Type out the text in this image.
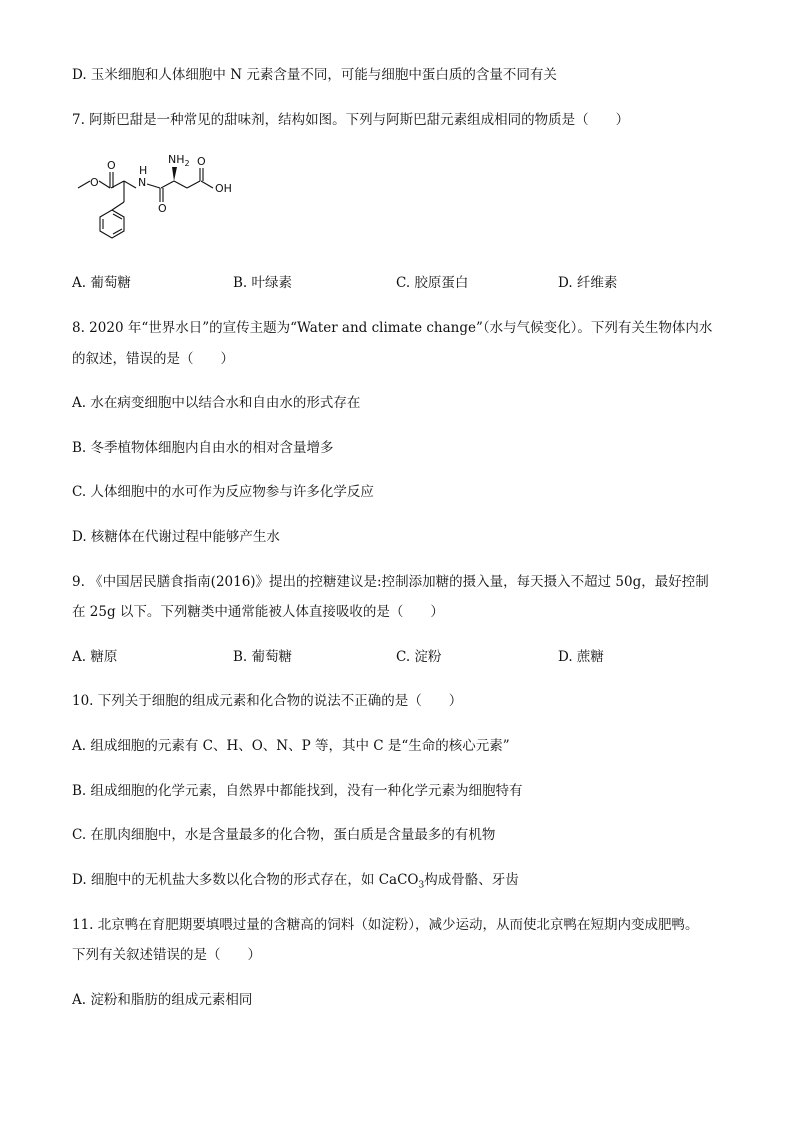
D. 玉米细胞和人体细胞中 N 元素含量不同，可能与细胞中蛋白质的含量不同有关
7. 阿斯巴甜是一种常见的甜味剂，结构如图。下列与阿斯巴甜元素组成相同的物质是（　　）
O
O
N
H
O
$NH_2$ O
OH
A. 葡萄糖	B. 叶绿素	C. 胶原蛋白	D. 纤维素
8. 2020 年“世界水日”的宣传主题为“Water and climate change”（水与气候变化）。下列有关生物体内水
的叙述，错误的是（　　）
A. 水在病变细胞中以结合水和自由水的形式存在
B. 冬季植物体细胞内自由水的相对含量增多
C. 人体细胞中的水可作为反应物参与许多化学反应
D. 核糖体在代谢过程中能够产生水
9. 《中国居民膳食指南(2016)》提出的控糖建议是:控制添加糖的摄入量，每天摄入不超过 50g，最好控制
在 25g 以下。下列糖类中通常能被人体直接吸收的是（　　）
A. 糖原	B. 葡萄糖	C. 淀粉	D. 蔗糖
10. 下列关于细胞的组成元素和化合物的说法不正确的是（　　）
A. 组成细胞的元素有 C、H、O、N、P 等，其中 C 是“生命的核心元素”
B. 组成细胞的化学元素，自然界中都能找到，没有一种化学元素为细胞特有
C. 在肌肉细胞中，水是含量最多的化合物，蛋白质是含量最多的有机物
D. 细胞中的无机盐大多数以化合物的形式存在，如 CaCO$_3$构成骨骼、牙齿
11. 北京鸭在育肥期要填喂过量的含糖高的饲料（如淀粉），减少运动，从而使北京鸭在短期内变成肥鸭。
下列有关叙述错误的是（　　）
A. 淀粉和脂肪的组成元素相同
